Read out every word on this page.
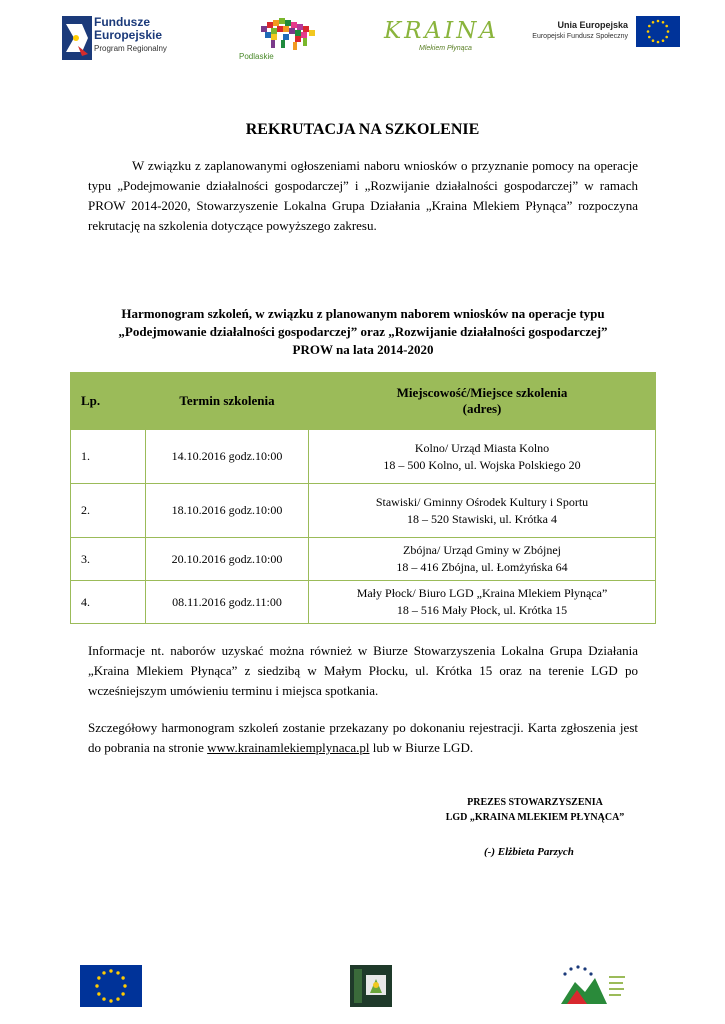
Fundusze
Europejskie
Program Regionalny
Podlaskie
KRAINA
Mlekiem Płynąca
Unia Europejska
Europejski Fundusz Społeczny
REKRUTACJA NA SZKOLENIE

W związku z zaplanowanymi ogłoszeniami naboru wniosków o przyznanie pomocy na operacje typu „Podejmowanie działalności gospodarczej” i „Rozwijanie działalności gospodarczej” w ramach PROW 2014-2020, Stowarzyszenie Lokalna Grupa Działania „Kraina Mlekiem Płynąca” rozpoczyna rekrutację na szkolenia dotyczące powyższego zakresu.

Harmonogram szkoleń, w związku z planowanym naborem wniosków na operacje typu
„Podejmowanie działalności gospodarczej” oraz „Rozwijanie działalności gospodarczej”
PROW na lata 2014-2020
Lp.	Termin szkolenia	Miejscowość/Miejsce szkolenia
(adres)

1.	14.10.2016 godz.10:00	Kolno/ Urząd Miasta Kolno
18 – 500 Kolno, ul. Wojska Polskiego 20

2.	18.10.2016 godz.10:00	Stawiski/ Gminny Ośrodek Kultury i Sportu
18 – 520 Stawiski, ul. Krótka 4

3.	20.10.2016 godz.10:00	Zbójna/ Urząd Gminy w Zbójnej
18 – 416 Zbójna, ul. Łomżyńska 64

4.	08.11.2016 godz.11:00	Mały Płock/ Biuro LGD „Kraina Mlekiem Płynąca”
18 – 516 Mały Płock, ul. Krótka 15

Informacje nt. naborów uzyskać można również w Biurze Stowarzyszenia Lokalna Grupa Działania „Kraina Mlekiem Płynąca” z siedzibą w Małym Płocku, ul. Krótka 15 oraz na terenie LGD po wcześniejszym umówieniu terminu i miejsca spotkania.

Szczegółowy harmonogram szkoleń zostanie przekazany po dokonaniu rejestracji. Karta zgłoszenia jest do pobrania na stronie www.krainamlekiemplynaca.pl lub w Biurze LGD.

PREZES STOWARZYSZENIA
LGD „KRAINA MLEKIEM PŁYNĄCA”
(-) Elżbieta Parzych
